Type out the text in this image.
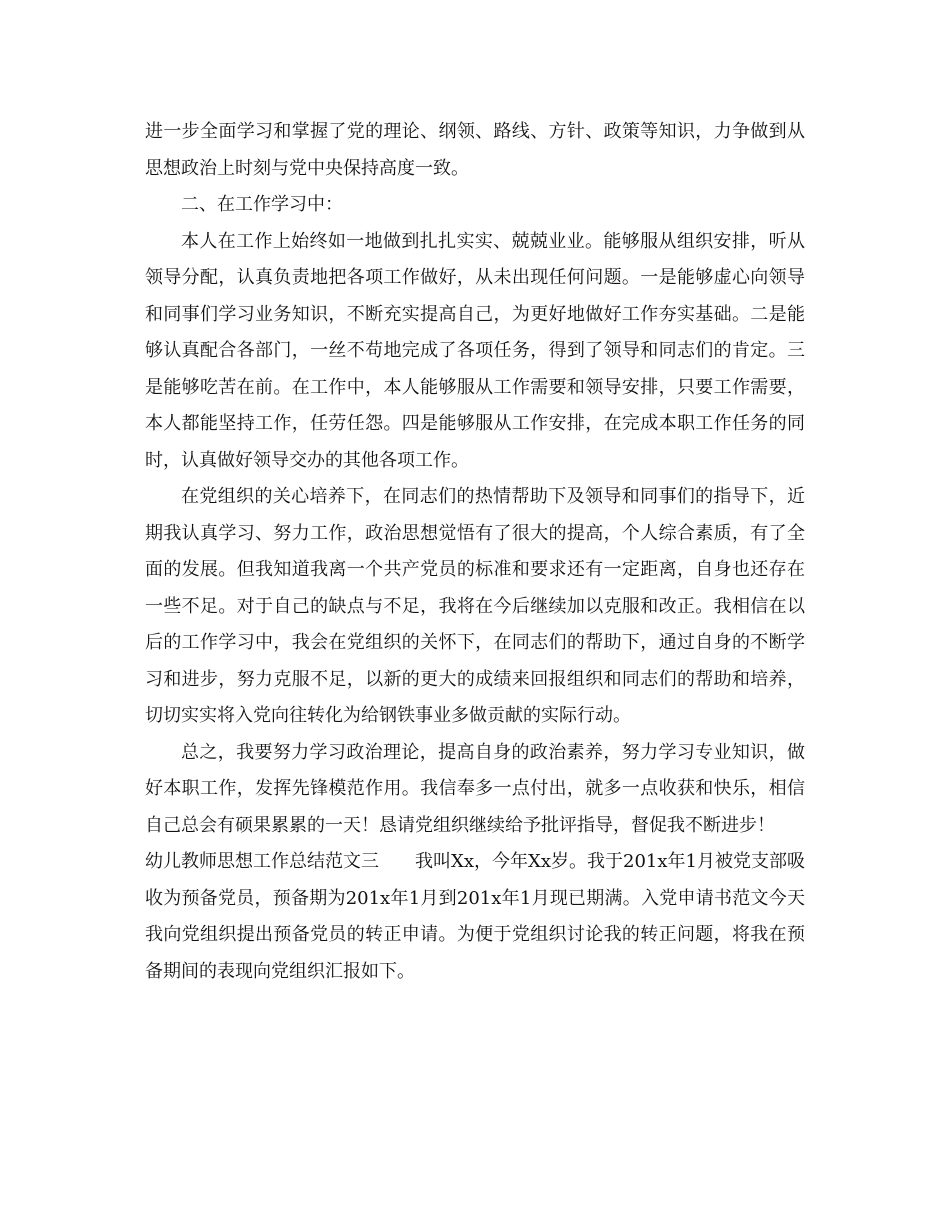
进一步全面学习和掌握了党的理论、纲领、路线、方针、政策等知识，力争做到从思想政治上时刻与党中央保持高度一致。

二、在工作学习中：

本人在工作上始终如一地做到扎扎实实、兢兢业业。能够服从组织安排，听从领导分配，认真负责地把各项工作做好，从未出现任何问题。一是能够虚心向领导和同事们学习业务知识，不断充实提高自己，为更好地做好工作夯实基础。二是能够认真配合各部门，一丝不苟地完成了各项任务，得到了领导和同志们的肯定。三是能够吃苦在前。在工作中，本人能够服从工作需要和领导安排，只要工作需要，本人都能坚持工作，任劳任怨。四是能够服从工作安排，在完成本职工作任务的同时，认真做好领导交办的其他各项工作。

在党组织的关心培养下，在同志们的热情帮助下及领导和同事们的指导下，近期我认真学习、努力工作，政治思想觉悟有了很大的提高，个人综合素质，有了全面的发展。但我知道我离一个共产党员的标准和要求还有一定距离，自身也还存在一些不足。对于自己的缺点与不足，我将在今后继续加以克服和改正。我相信在以后的工作学习中，我会在党组织的关怀下，在同志们的帮助下，通过自身的不断学习和进步，努力克服不足，以新的更大的成绩来回报组织和同志们的帮助和培养，切切实实将入党向往转化为给钢铁事业多做贡献的实际行动。

总之，我要努力学习政治理论，提高自身的政治素养，努力学习专业知识，做好本职工作，发挥先锋模范作用。我信奉多一点付出，就多一点收获和快乐，相信自己总会有硕果累累的一天！恳请党组织继续给予批评指导，督促我不断进步！

幼儿教师思想工作总结范文三　　我叫Xx，今年Xx岁。我于201x年1月被党支部吸收为预备党员，预备期为201x年1月到201x年1月现已期满。入党申请书范文今天我向党组织提出预备党员的转正申请。为便于党组织讨论我的转正问题，将我在预备期间的表现向党组织汇报如下。
